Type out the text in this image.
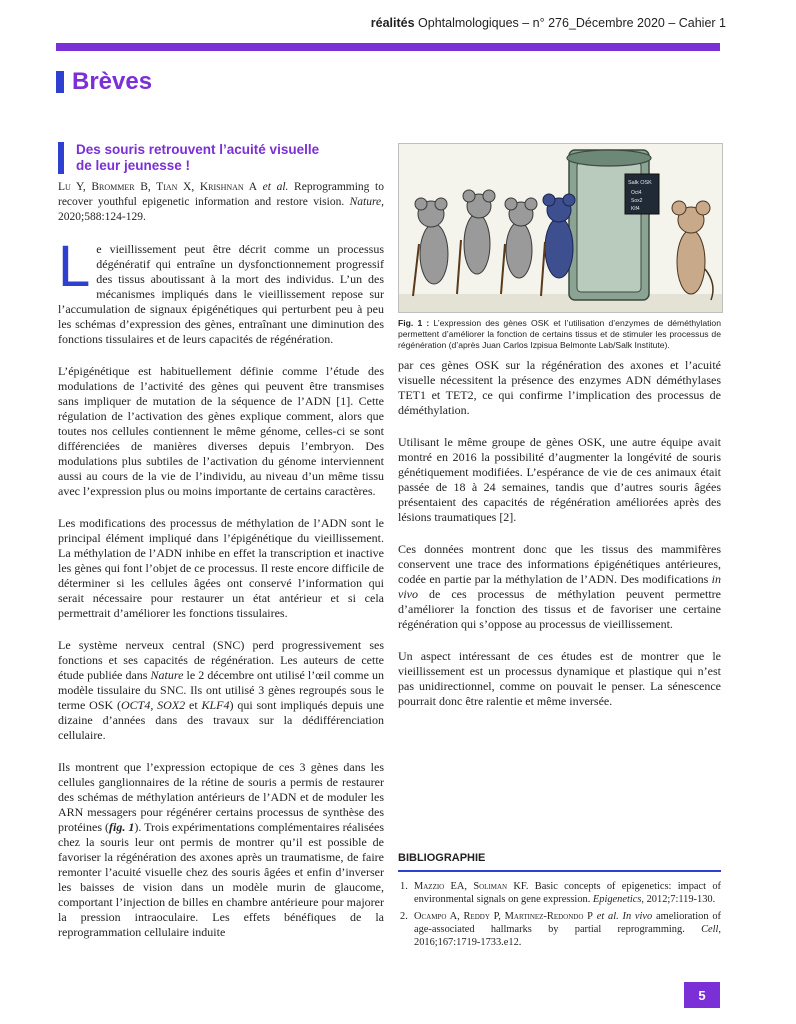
réalités Ophtalmologiques – n° 276_Décembre 2020 – Cahier 1
Brèves
Des souris retrouvent l’acuité visuelle
de leur jeunesse !
Lu Y, Brommer B, Tian X, Krishnan A et al. Reprogramming to recover youthful epigenetic information and restore vision. Nature, 2020;588:124-129.

Le vieillissement peut être décrit comme un processus dégénératif qui entraîne un dysfonctionnement progressif des tissus aboutissant à la mort des individus. L’un des mécanismes impliqués dans le vieillissement repose sur l’accumulation de signaux épigénétiques qui perturbent peu à peu les schémas d’expression des gènes, entraînant une diminution des fonctions tissulaires et de leurs capacités de régénération.

L’épigénétique est habituellement définie comme l’étude des modulations de l’activité des gènes qui peuvent être transmises sans impliquer de mutation de la séquence de l’ADN [1]. Cette régulation de l’activation des gènes explique comment, alors que toutes nos cellules contiennent le même génome, celles-ci se sont différenciées de manières diverses depuis l’embryon. Des modulations plus subtiles de l’activation du génome interviennent aussi au cours de la vie de l’individu, au niveau d’un même tissu avec l’expression plus ou moins importante de certains caractères.

Les modifications des processus de méthylation de l’ADN sont le principal élément impliqué dans l’épigénétique du vieillissement. La méthylation de l’ADN inhibe en effet la transcription et inactive les gènes qui font l’objet de ce processus. Il reste encore difficile de déterminer si les cellules âgées ont conservé l’information qui serait nécessaire pour restaurer un état antérieur et si cela permettrait d’améliorer les fonctions tissulaires.

Le système nerveux central (SNC) perd progressivement ses fonctions et ses capacités de régénération. Les auteurs de cette étude publiée dans Nature le 2 décembre ont utilisé l’œil comme un modèle tissulaire du SNC. Ils ont utilisé 3 gènes regroupés sous le terme OSK (OCT4, SOX2 et KLF4) qui sont impliqués depuis une dizaine d’années dans des travaux sur la dédifférenciation cellulaire.

Ils montrent que l’expression ectopique de ces 3 gènes dans les cellules ganglionnaires de la rétine de souris a permis de restaurer des schémas de méthylation antérieurs de l’ADN et de moduler les ARN messagers pour régénérer certains processus de synthèse des protéines (fig. 1). Trois expérimentations complémentaires réalisées chez la souris leur ont permis de montrer qu’il est possible de favoriser la régénération des axones après un traumatisme, de faire remonter l’acuité visuelle chez des souris âgées et enfin d’inverser les baisses de vision dans un modèle murin de glaucome, comportant l’injection de billes en chambre antérieure pour majorer la pression intraoculaire. Les effets bénéfiques de la reprogrammation cellulaire induite

Salk OSK
Oct4
Sox2
Klf4
Fig. 1 : L’expression des gènes OSK et l’utilisation d’enzymes de déméthylation permettent d’améliorer la fonction de certains tissus et de stimuler les processus de régénération (d’après Juan Carlos Izpisua Belmonte Lab/Salk Institute).

par ces gènes OSK sur la régénération des axones et l’acuité visuelle nécessitent la présence des enzymes ADN déméthylases TET1 et TET2, ce qui confirme l’implication des processus de déméthylation.

Utilisant le même groupe de gènes OSK, une autre équipe avait montré en 2016 la possibilité d’augmenter la longévité de souris génétiquement modifiées. L’espérance de vie de ces animaux était passée de 18 à 24 semaines, tandis que d’autres souris âgées présentaient des capacités de régénération améliorées après des lésions traumatiques [2].

Ces données montrent donc que les tissus des mammifères conservent une trace des informations épigénétiques antérieures, codée en partie par la méthylation de l’ADN. Des modifications in vivo de ces processus de méthylation peuvent permettre d’améliorer la fonction des tissus et de favoriser une certaine régénération qui s’oppose au processus de vieillissement.

Un aspect intéressant de ces études est de montrer que le vieillissement est un processus dynamique et plastique qui n’est pas unidirectionnel, comme on pouvait le penser. La sénescence pourrait donc être ralentie et même inversée.

BIBLIOGRAPHIE
1. Mazzio EA, Soliman KF. Basic concepts of epigenetics: impact of environmental signals on gene expression. Epigenetics, 2012;7:119-130.
2. Ocampo A, Reddy P, Martinez-Redondo P et al. In vivo amelioration of age-associated hallmarks by partial reprogramming. Cell, 2016;167:1719-1733.e12.
5
